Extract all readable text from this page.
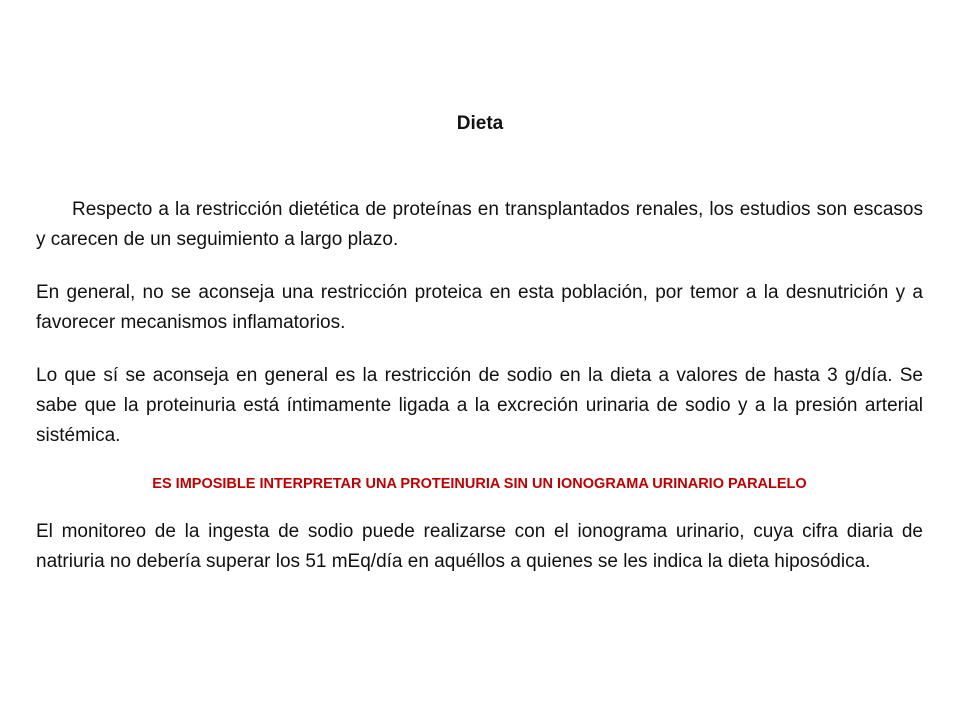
Dieta

Respecto a la restricción dietética de proteínas en transplantados renales, los estudios son escasos y carecen de un seguimiento a largo plazo.

En general, no se aconseja una restricción proteica en esta población, por temor a la desnutrición y a favorecer mecanismos inflamatorios.

Lo que sí se aconseja en general es la restricción de sodio en la dieta a valores de hasta 3 g/día. Se sabe que la proteinuria está íntimamente ligada a la excreción urinaria de sodio y a la presión arterial sistémica.

ES IMPOSIBLE INTERPRETAR UNA PROTEINURIA SIN UN IONOGRAMA URINARIO PARALELO

El monitoreo de la ingesta de sodio puede realizarse con el ionograma urinario, cuya cifra diaria de natriuria no debería superar los 51 mEq/día en aquéllos a quienes se les indica la dieta hiposódica.
